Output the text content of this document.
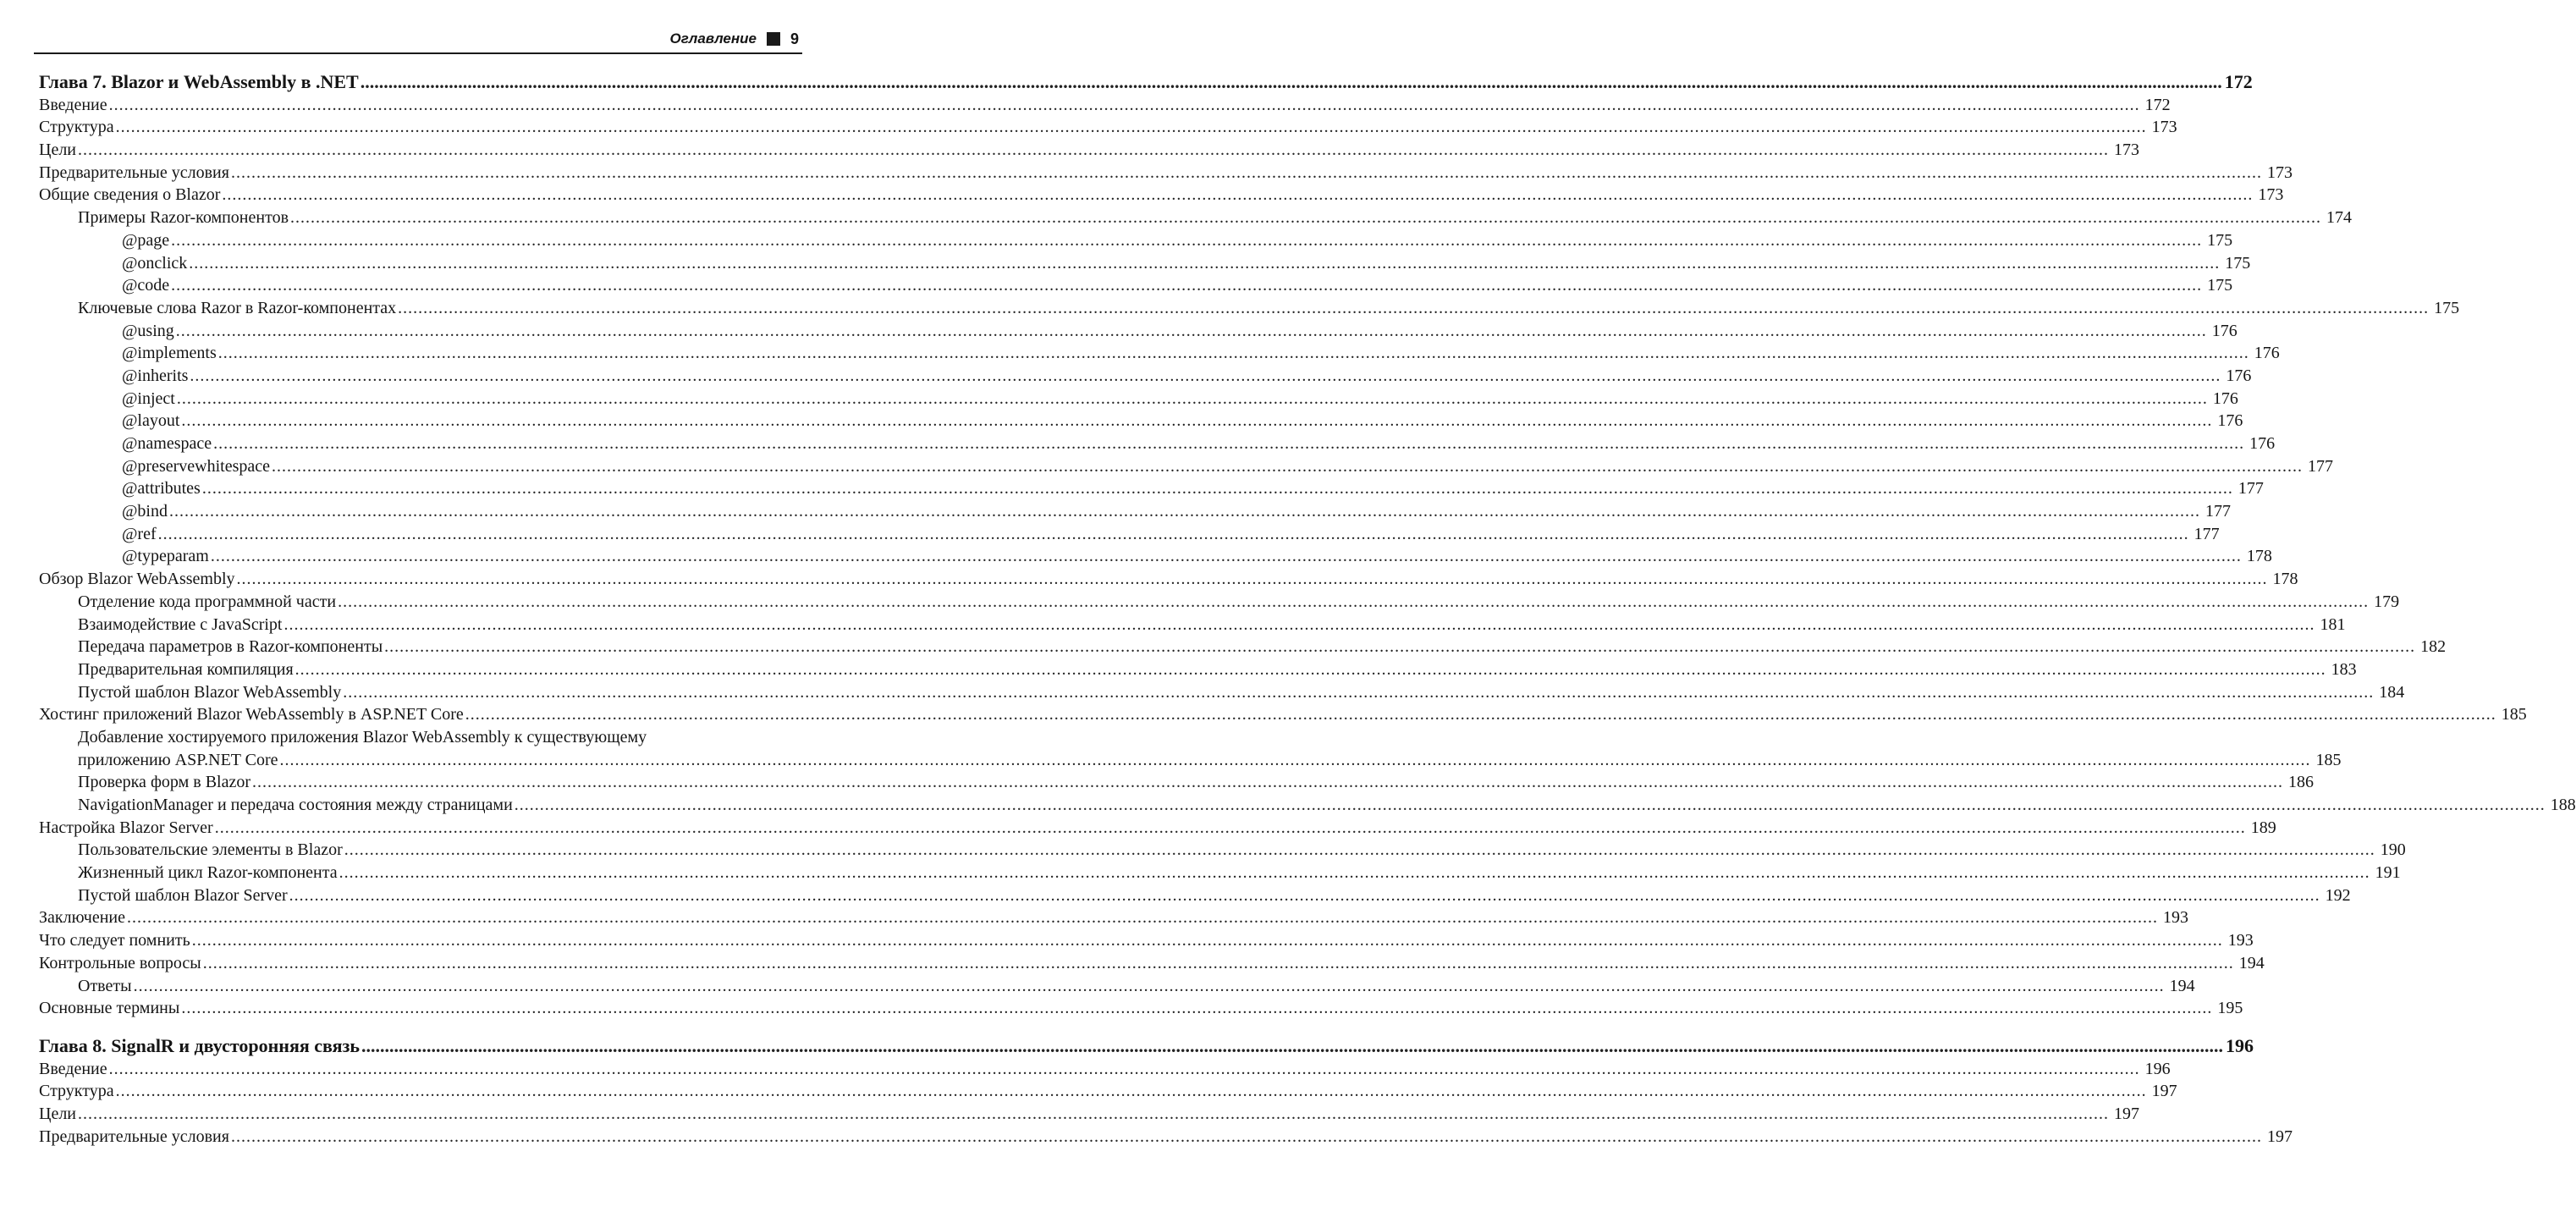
Оглавление 9
Глава 7. Blazor и WebAssembly в .NET ................................................................................................................................................................................................................................................................................................................................................................................................................ 172
Введение ................................................................................................................................................................................................................................................................................................................................................................................................................ 172
Структура ................................................................................................................................................................................................................................................................................................................................................................................................................ 173
Цели ................................................................................................................................................................................................................................................................................................................................................................................................................ 173
Предварительные условия ................................................................................................................................................................................................................................................................................................................................................................................................................ 173
Общие сведения о Blazor ................................................................................................................................................................................................................................................................................................................................................................................................................ 173
Примеры Razor-компонентов ................................................................................................................................................................................................................................................................................................................................................................................................................ 174
@page ................................................................................................................................................................................................................................................................................................................................................................................................................ 175
@onclick ................................................................................................................................................................................................................................................................................................................................................................................................................ 175
@code ................................................................................................................................................................................................................................................................................................................................................................................................................ 175
Ключевые слова Razor в Razor-компонентах ................................................................................................................................................................................................................................................................................................................................................................................................................ 175
@using ................................................................................................................................................................................................................................................................................................................................................................................................................ 176
@implements ................................................................................................................................................................................................................................................................................................................................................................................................................ 176
@inherits ................................................................................................................................................................................................................................................................................................................................................................................................................ 176
@inject ................................................................................................................................................................................................................................................................................................................................................................................................................ 176
@layout ................................................................................................................................................................................................................................................................................................................................................................................................................ 176
@namespace ................................................................................................................................................................................................................................................................................................................................................................................................................ 176
@preservewhitespace ................................................................................................................................................................................................................................................................................................................................................................................................................ 177
@attributes ................................................................................................................................................................................................................................................................................................................................................................................................................ 177
@bind ................................................................................................................................................................................................................................................................................................................................................................................................................ 177
@ref ................................................................................................................................................................................................................................................................................................................................................................................................................ 177
@typeparam ................................................................................................................................................................................................................................................................................................................................................................................................................ 178
Обзор Blazor WebAssembly ................................................................................................................................................................................................................................................................................................................................................................................................................ 178
Отделение кода программной части ................................................................................................................................................................................................................................................................................................................................................................................................................ 179
Взаимодействие с JavaScript ................................................................................................................................................................................................................................................................................................................................................................................................................ 181
Передача параметров в Razor-компоненты ................................................................................................................................................................................................................................................................................................................................................................................................................ 182
Предварительная компиляция ................................................................................................................................................................................................................................................................................................................................................................................................................ 183
Пустой шаблон Blazor WebAssembly ................................................................................................................................................................................................................................................................................................................................................................................................................ 184
Хостинг приложений Blazor WebAssembly в ASP.NET Core ................................................................................................................................................................................................................................................................................................................................................................................................................ 185
Добавление хостируемого приложения Blazor WebAssembly к существующему
приложению ASP.NET Core ................................................................................................................................................................................................................................................................................................................................................................................................................ 185
Проверка форм в Blazor ................................................................................................................................................................................................................................................................................................................................................................................................................ 186
NavigationManager и передача состояния между страницами ................................................................................................................................................................................................................................................................................................................................................................................................................ 188
Настройка Blazor Server ................................................................................................................................................................................................................................................................................................................................................................................................................ 189
Пользовательские элементы в Blazor ................................................................................................................................................................................................................................................................................................................................................................................................................ 190
Жизненный цикл Razor-компонента ................................................................................................................................................................................................................................................................................................................................................................................................................ 191
Пустой шаблон Blazor Server ................................................................................................................................................................................................................................................................................................................................................................................................................ 192
Заключение ................................................................................................................................................................................................................................................................................................................................................................................................................ 193
Что следует помнить ................................................................................................................................................................................................................................................................................................................................................................................................................ 193
Контрольные вопросы ................................................................................................................................................................................................................................................................................................................................................................................................................ 194
Ответы ................................................................................................................................................................................................................................................................................................................................................................................................................ 194
Основные термины ................................................................................................................................................................................................................................................................................................................................................................................................................ 195
Глава 8. SignalR и двусторонняя связь ................................................................................................................................................................................................................................................................................................................................................................................................................ 196
Введение ................................................................................................................................................................................................................................................................................................................................................................................................................ 196
Структура ................................................................................................................................................................................................................................................................................................................................................................................................................ 197
Цели ................................................................................................................................................................................................................................................................................................................................................................................................................ 197
Предварительные условия ................................................................................................................................................................................................................................................................................................................................................................................................................ 197
